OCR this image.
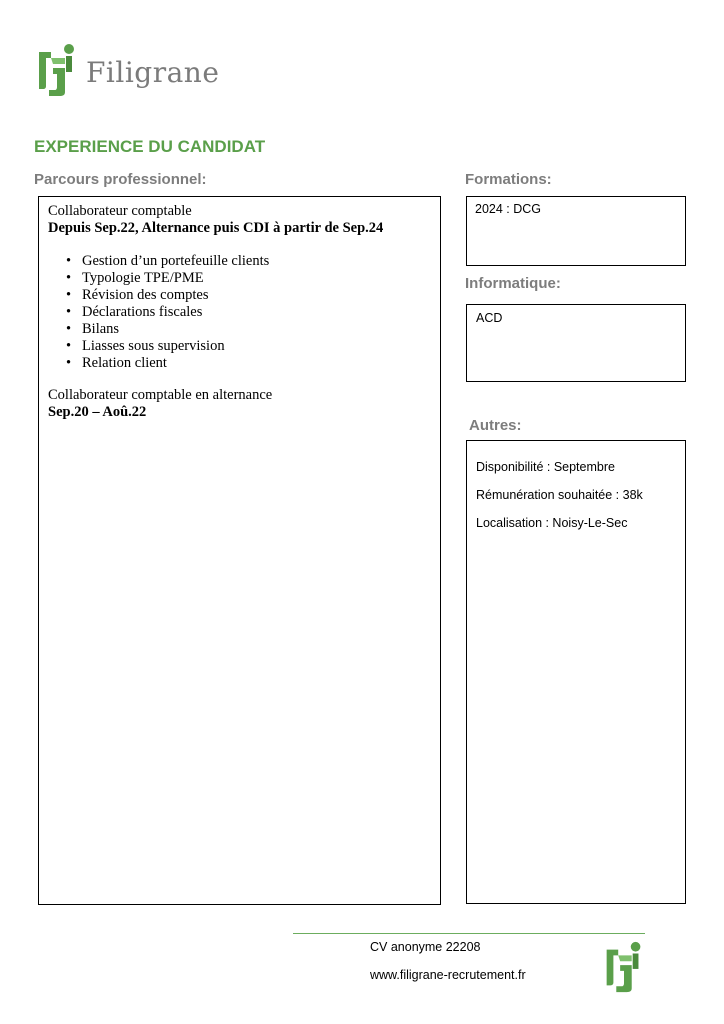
Filigrane
EXPERIENCE DU CANDIDAT
Parcours professionnel:	Formations:
Informatique:
Autres:
Collaborateur comptable
Depuis Sep.22, Alternance puis CDI à partir de Sep.24
• Gestion d’un portefeuille clients
• Typologie TPE/PME
• Révision des comptes
• Déclarations fiscales
• Bilans
• Liasses sous supervision
• Relation client
Collaborateur comptable en alternance
Sep.20 – Aoû.22
2024 : DCG
ACD
Disponibilité : Septembre
Rémunération souhaitée : 38k
Localisation : Noisy-Le-Sec
CV anonyme 22208
www.filigrane-recrutement.fr
